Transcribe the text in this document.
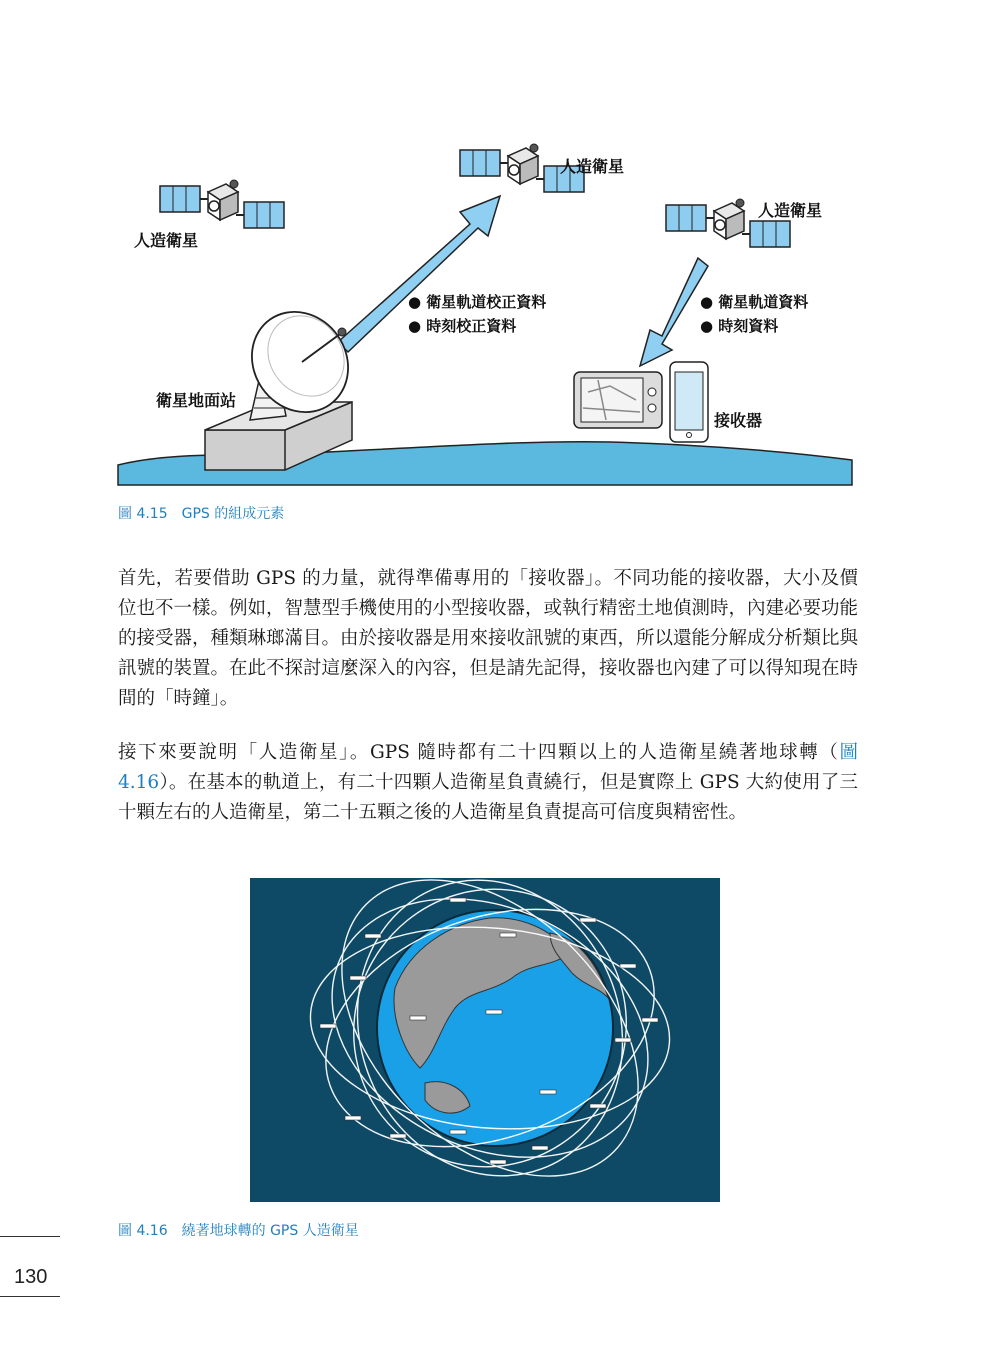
人造衛星
人造衛星
人造衛星
衛星地面站
接收器
● 衛星軌道校正資料
● 時刻校正資料
● 衛星軌道資料
● 時刻資料
圖 4.15　GPS 的組成元素

首先，若要借助 GPS 的力量，就得準備專用的「接收器」。不同功能的接收器，大小及價位也不一樣。例如，智慧型手機使用的小型接收器，或執行精密土地偵測時，內建必要功能的接受器，種類琳瑯滿目。由於接收器是用來接收訊號的東西，所以還能分解成分析類比與訊號的裝置。在此不探討這麼深入的內容，但是請先記得，接收器也內建了可以得知現在時間的「時鐘」。

接下來要說明「人造衛星」。GPS 隨時都有二十四顆以上的人造衛星繞著地球轉（圖 4.16）。在基本的軌道上，有二十四顆人造衛星負責繞行，但是實際上 GPS 大約使用了三十顆左右的人造衛星，第二十五顆之後的人造衛星負責提高可信度與精密性。

圖 4.16　繞著地球轉的 GPS 人造衛星
130
